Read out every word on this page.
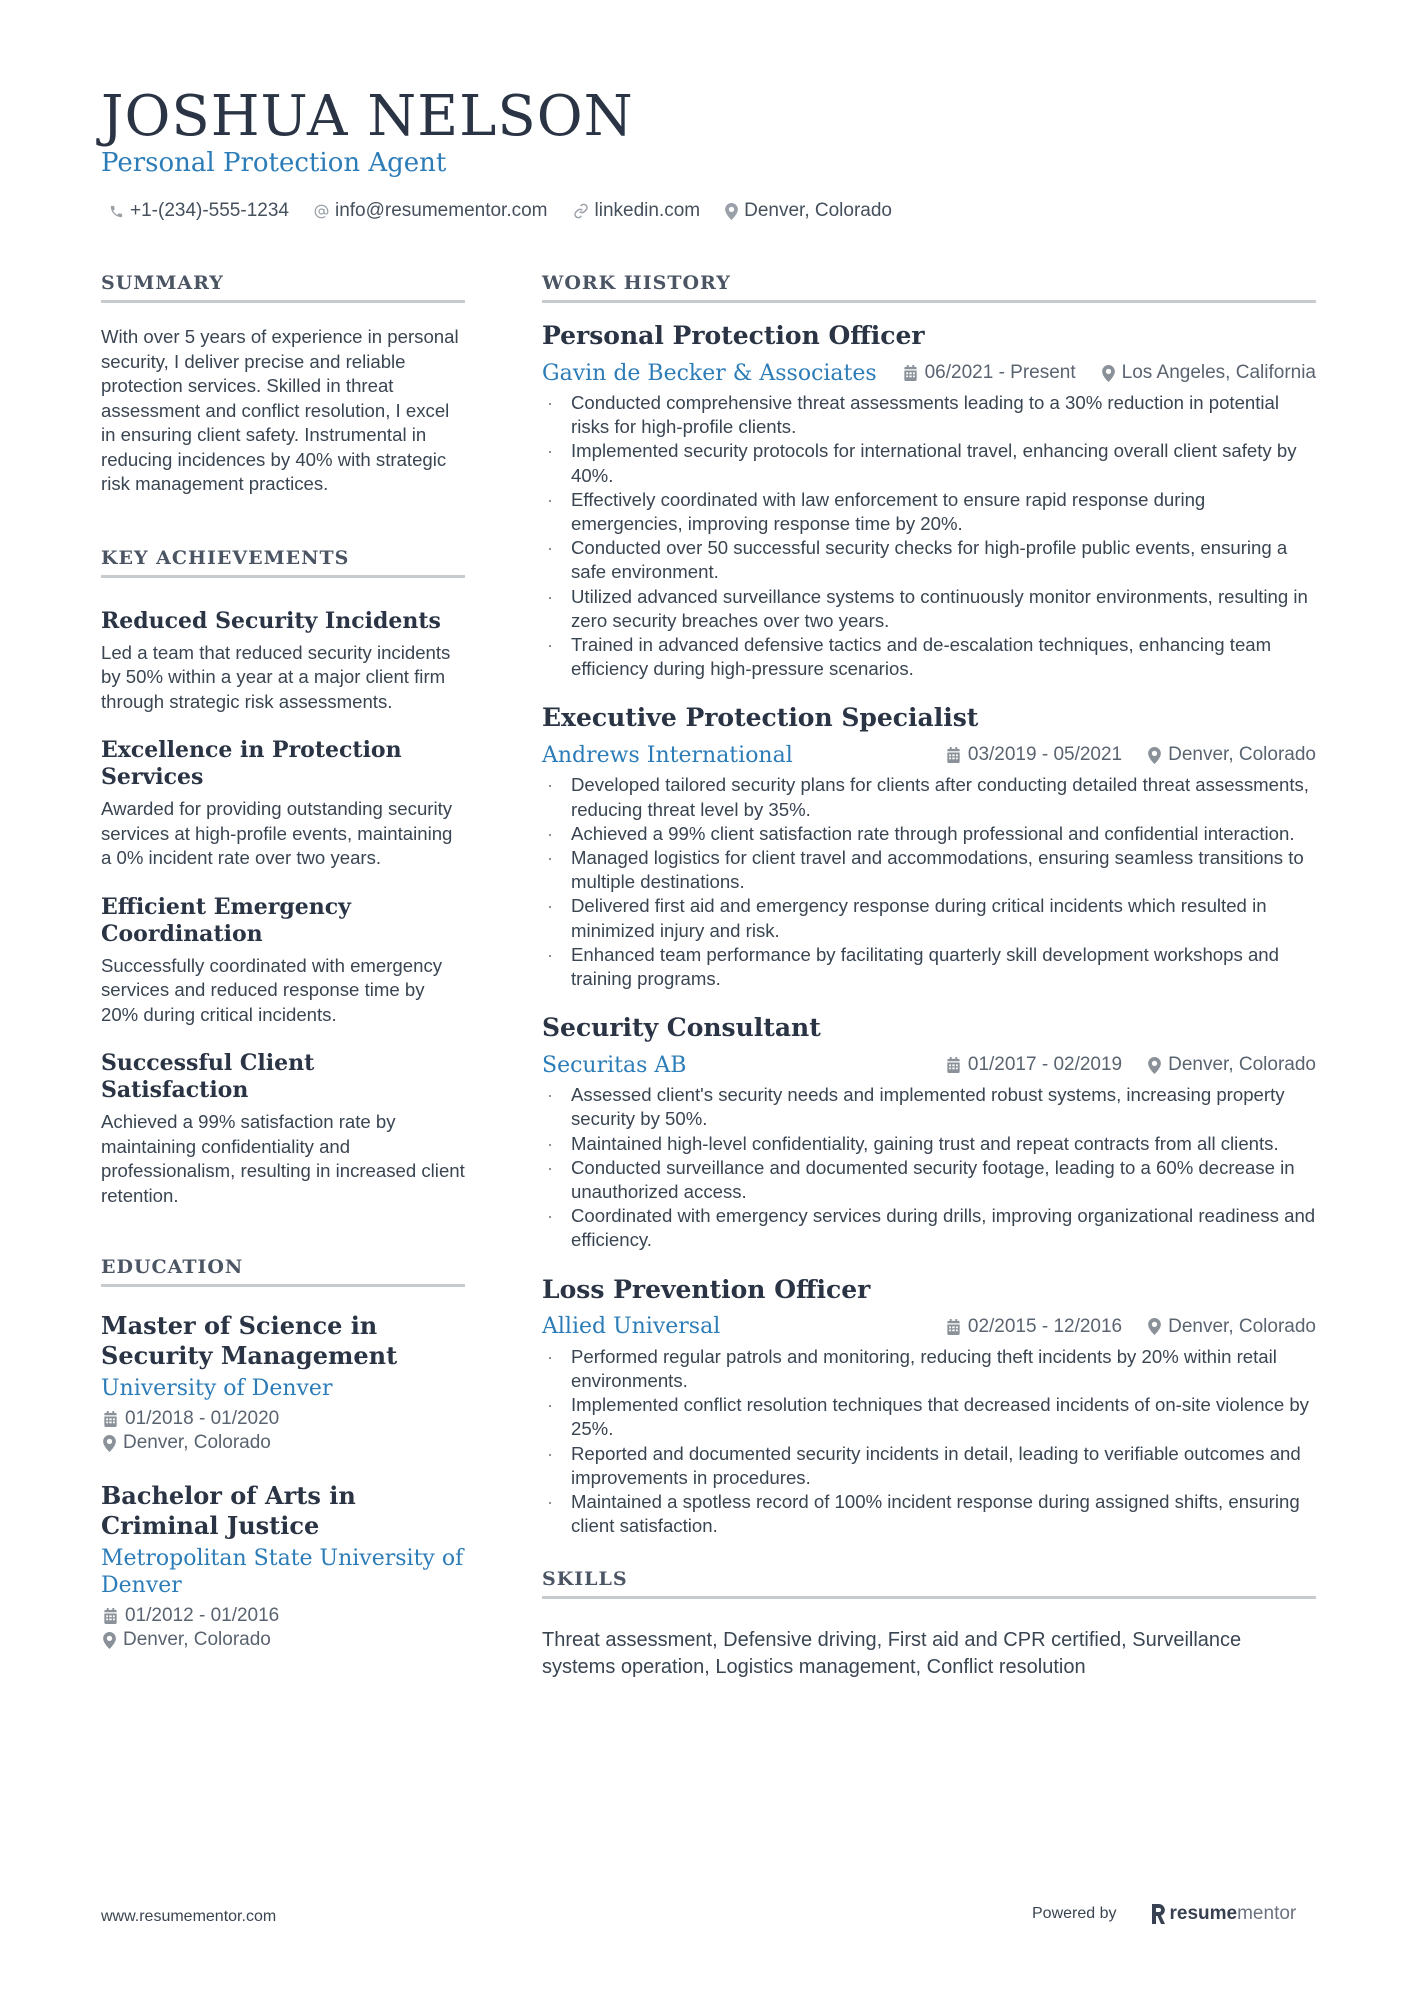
JOSHUA NELSON
Personal Protection Agent
+1-(234)-555-1234 info@resumementor.com linkedin.com Denver, Colorado
SUMMARY

With over 5 years of experience in personal security, I deliver precise and reliable protection services. Skilled in threat assessment and conflict resolution, I excel in ensuring client safety. Instrumental in reducing incidences by 40% with strategic risk management practices.

KEY ACHIEVEMENTS
Reduced Security Incidents

Led a team that reduced security incidents by 50% within a year at a major client firm through strategic risk assessments.

Excellence in Protection Services

Awarded for providing outstanding security services at high-profile events, maintaining a 0% incident rate over two years.

Efficient Emergency Coordination

Successfully coordinated with emergency services and reduced response time by 20% during critical incidents.

Successful Client Satisfaction

Achieved a 99% satisfaction rate by maintaining confidentiality and professionalism, resulting in increased client retention.

EDUCATION
Master of Science in Security Management
University of Denver
01/2018 - 01/2020
Denver, Colorado
Bachelor of Arts in Criminal Justice
Metropolitan State University of Denver
01/2012 - 01/2016
Denver, Colorado
WORK HISTORY
Personal Protection Officer
Gavin de Becker & Associates	06/2021 - Present Los Angeles, California
· Conducted comprehensive threat assessments leading to a 30% reduction in potential risks for high-profile clients.
· Implemented security protocols for international travel, enhancing overall client safety by 40%.
· Effectively coordinated with law enforcement to ensure rapid response during emergencies, improving response time by 20%.
· Conducted over 50 successful security checks for high-profile public events, ensuring a safe environment.
· Utilized advanced surveillance systems to continuously monitor environments, resulting in zero security breaches over two years.
· Trained in advanced defensive tactics and de-escalation techniques, enhancing team efficiency during high-pressure scenarios.
Executive Protection Specialist
Andrews International	03/2019 - 05/2021 Denver, Colorado
· Developed tailored security plans for clients after conducting detailed threat assessments, reducing threat level by 35%.
· Achieved a 99% client satisfaction rate through professional and confidential interaction.
· Managed logistics for client travel and accommodations, ensuring seamless transitions to multiple destinations.
· Delivered first aid and emergency response during critical incidents which resulted in minimized injury and risk.
· Enhanced team performance by facilitating quarterly skill development workshops and training programs.
Security Consultant
Securitas AB	01/2017 - 02/2019 Denver, Colorado
· Assessed client's security needs and implemented robust systems, increasing property security by 50%.
· Maintained high-level confidentiality, gaining trust and repeat contracts from all clients.
· Conducted surveillance and documented security footage, leading to a 60% decrease in unauthorized access.
· Coordinated with emergency services during drills, improving organizational readiness and efficiency.
Loss Prevention Officer
Allied Universal	02/2015 - 12/2016 Denver, Colorado
· Performed regular patrols and monitoring, reducing theft incidents by 20% within retail environments.
· Implemented conflict resolution techniques that decreased incidents of on-site violence by 25%.
· Reported and documented security incidents in detail, leading to verifiable outcomes and improvements in procedures.
· Maintained a spotless record of 100% incident response during assigned shifts, ensuring client satisfaction.
SKILLS

Threat assessment, Defensive driving, First aid and CPR certified, Surveillance systems operation, Logistics management, Conflict resolution

www.resumementor.com	Powered by	resume mentor
